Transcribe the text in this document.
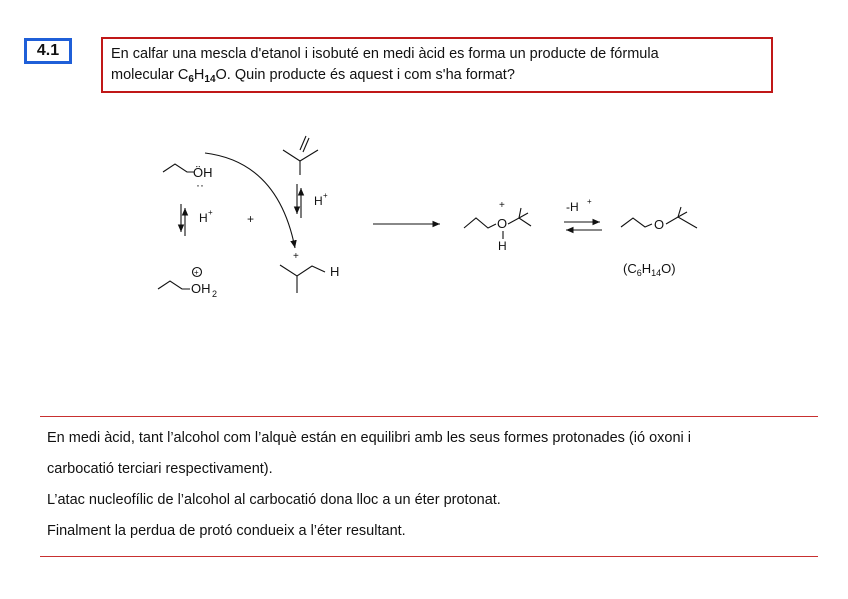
4.1	En calfar una mescla d'etanol i isobuté en medi àcid es forma un producte de fórmula
molecular $C_6H_{14}O$. Quin producte és aquest i com s'ha format?
ÖH
··
H +	+
H +
+
OH 2
+
H
+
O
H
-H +
O
$(C_6H_{14}O)$

En medi àcid, tant l’alcohol com l’alquè están en equilibri amb les seus formes protonades (ió oxoni i

carbocatió terciari respectivament).

L’atac nucleofílic de l’alcohol al carbocatió dona lloc a un éter protonat.

Finalment la perdua de protó condueix a l’éter resultant.
